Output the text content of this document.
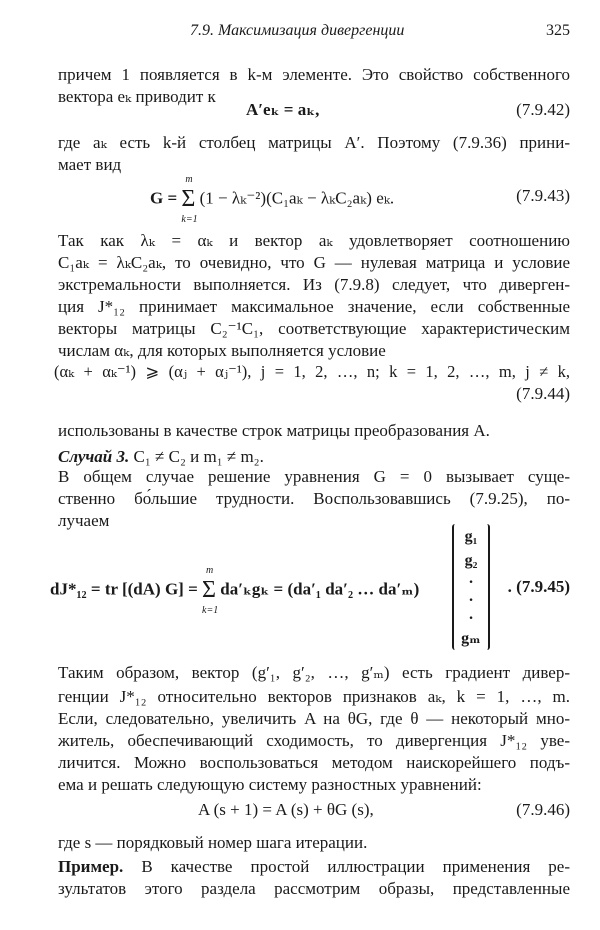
7.9. Максимизация дивергенции	325
причем 1 появляется в k-м элементе. Это свойство собственного
вектора eₖ приводит к
A′eₖ = aₖ,	(7.9.42)
где aₖ есть k-й столбец матрицы A′. Поэтому (7.9.36) прини-
мает вид
G = Σ
m
k=1
(1 − λₖ⁻²)(C₁aₖ − λₖC₂aₖ) eₖ.	(7.9.43)
Так как λₖ = αₖ и вектор aₖ удовлетворяет соотношению
C₁aₖ = λₖC₂aₖ, то очевидно, что G — нулевая матрица и условие
экстремальности выполняется. Из (7.9.8) следует, что диверген-
ция J*₁₂ принимает максимальное значение, если собственные
векторы матрицы C₂⁻¹C₁, соответствующие характеристическим
числам αₖ, для которых выполняется условие
(αₖ + αₖ⁻¹) ⩾ (αⱼ + αⱼ⁻¹), j = 1, 2, …, n; k = 1, 2, …, m, j ≠ k,
(7.9.44)
использованы в качестве строк матрицы преобразования A.
Случай 3. C₁ ≠ C₂ и m₁ ≠ m₂.
В общем случае решение уравнения G = 0 вызывает суще-
ственно бо́льшие трудности. Воспользовавшись (7.9.25), по-
лучаем
dJ*₁₂ = tr [(dA) G] = Σ
m
k=1
da′ₖgₖ = (da′₁ da′₂ … da′ₘ)	. (7.9.45)
g₁
g₂
·
·
·
gₘ
Таким образом, вектор (g′₁, g′₂, …, g′ₘ) есть градиент дивер-
генции J*₁₂ относительно векторов признаков aₖ, k = 1, …, m.
Если, следовательно, увеличить A на θG, где θ — некоторый мно-
житель, обеспечивающий сходимость, то дивергенция J*₁₂ уве-
личится. Можно воспользоваться методом наискорейшего подъ-
ема и решать следующую систему разностных уравнений:
A (s + 1) = A (s) + θG (s),	(7.9.46)
где s — порядковый номер шага итерации.
Пример. В качестве простой иллюстрации применения ре-
зультатов этого раздела рассмотрим образы, представленные
